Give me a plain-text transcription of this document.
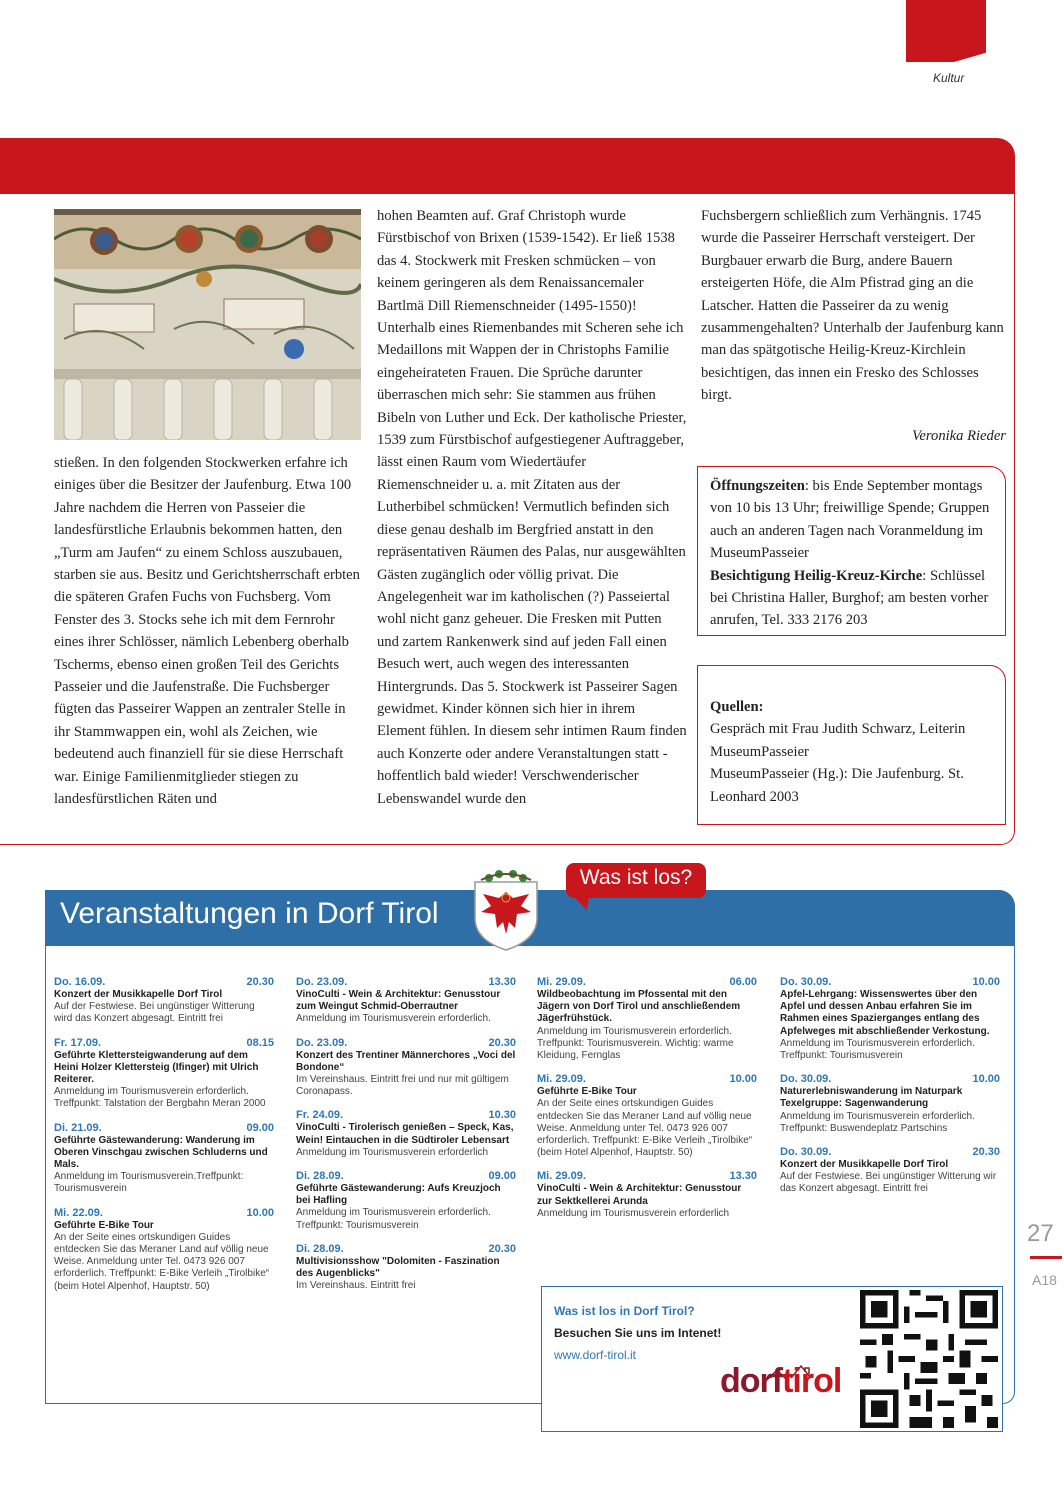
Kultur

stießen. In den folgenden Stockwerken erfahre ich einiges über die Besitzer der Jaufenburg. Etwa 100 Jahre nachdem die Herren von Passeier die landesfürstliche Erlaubnis bekommen hatten, den „Turm am Jaufen“ zu einem Schloss auszubauen, starben sie aus. Besitz und Gerichtsherrschaft erbten die späteren Grafen Fuchs von Fuchsberg. Vom Fenster des 3. Stocks sehe ich mit dem Fernrohr eines ihrer Schlösser, nämlich Lebenberg oberhalb Tscherms, ebenso einen großen Teil des Gerichts Passeier und die Jaufenstraße. Die Fuchsberger fügten das Passeirer Wappen an zentraler Stelle in ihr Stammwappen ein, wohl als Zeichen, wie bedeutend auch finanziell für sie diese Herrschaft war. Einige Familienmitglieder stiegen zu landesfürstlichen Räten und

hohen Beamten auf. Graf Christoph wurde Fürstbischof von Brixen (1539-1542). Er ließ 1538 das 4. Stockwerk mit Fresken schmücken – von keinem geringeren als dem Renaissancemaler Bartlmä Dill Riemenschneider (1495-1550)! Unterhalb eines Riemenbandes mit Scheren sehe ich Medaillons mit Wappen der in Christophs Familie eingeheirateten Frauen. Die Sprüche darunter überraschen mich sehr: Sie stammen aus frühen Bibeln von Luther und Eck. Der katholische Priester, 1539 zum Fürstbischof aufgestiegener Auftraggeber, lässt einen Raum vom Wiedertäufer Riemenschneider u. a. mit Zitaten aus der Lutherbibel schmücken! Vermutlich befinden sich diese genau deshalb im Bergfried anstatt in den repräsentativen Räumen des Palas, nur ausgewählten Gästen zugänglich oder völlig privat. Die Angelegenheit war im katholischen (?) Passeiertal wohl nicht ganz geheuer. Die Fresken mit Putten und zartem Rankenwerk sind auf jeden Fall einen Besuch wert, auch wegen des interessanten Hintergrunds. Das 5. Stockwerk ist Passeirer Sagen gewidmet. Kinder können sich hier in ihrem Element fühlen. In diesem sehr intimen Raum finden auch Konzerte oder andere Veranstaltungen statt - hoffentlich bald wieder! Verschwenderischer Lebenswandel wurde den

Fuchsbergern schließlich zum Verhängnis. 1745 wurde die Passeirer Herrschaft versteigert. Der Burgbauer erwarb die Burg, andere Bauern ersteigerten Höfe, die Alm Pfistrad ging an die Latscher. Hatten die Passeirer da zu wenig zusammengehalten? Unterhalb der Jaufenburg kann man das spätgotische Heilig-Kreuz-Kirchlein besichtigen, das innen ein Fresko des Schlosses birgt.

Veronika Rieder

Öffnungszeiten: bis Ende September montags von 10 bis 13 Uhr; freiwillige Spende; Gruppen auch an anderen Tagen nach Voranmeldung im MuseumPasseier
Besichtigung Heilig-Kreuz-Kirche: Schlüssel bei Christina Haller, Burghof; am besten vorher anrufen, Tel. 333 2176 203
Quellen:
Gespräch mit Frau Judith Schwarz, Leiterin MuseumPasseier
MuseumPasseier (Hg.): Die Jaufenburg. St. Leonhard 2003
Veranstaltungen in Dorf Tirol
Was ist los?
Do. 16.09.	20.30
Konzert der Musikkapelle Dorf Tirol
Auf der Festwiese. Bei ungünstiger Witterung wird das Konzert abgesagt. Eintritt frei
Fr. 17.09.	08.15
Geführte Klettersteigwanderung auf dem Heini Holzer Klettersteig (Ifinger) mit Ulrich Reiterer.
Anmeldung im Tourismusverein erforderlich. Treffpunkt: Talstation der Bergbahn Meran 2000
Di. 21.09.	09.00
Geführte Gästewanderung: Wanderung im Oberen Vinschgau zwischen Schluderns und Mals.
Anmeldung im Tourismusverein.Treffpunkt: Tourismusverein
Mi. 22.09.	10.00
Geführte E-Bike Tour
An der Seite eines ortskundigen Guides entdecken Sie das Meraner Land auf völlig neue Weise. Anmeldung unter Tel. 0473 926 007 erforderlich. Treffpunkt: E-Bike Verleih „Tirolbike“ (beim Hotel Alpenhof, Hauptstr. 50)
Do. 23.09.	13.30
VinoCulti - Wein & Architektur: Genusstour zum Weingut Schmid-Oberrautner
Anmeldung im Tourismusverein erforderlich.
Do. 23.09.	20.30
Konzert des Trentiner Männerchores „Voci del Bondone“
Im Vereinshaus. Eintritt frei und nur mit gültigem Coronapass.
Fr. 24.09.	10.30
VinoCulti - Tirolerisch genießen – Speck, Kas, Wein! Eintauchen in die Südtiroler Lebensart
Anmeldung im Tourismusverein erforderlich
Di. 28.09.	09.00
Geführte Gästewanderung: Aufs Kreuzjoch bei Hafling
Anmeldung im Tourismusverein erforderlich. Treffpunkt: Tourismusverein
Di. 28.09.	20.30
Multivisionsshow "Dolomiten - Faszination des Augenblicks"
Im Vereinshaus. Eintritt frei
Mi. 29.09.	06.00
Wildbeobachtung im Pfossental mit den Jägern von Dorf Tirol und anschließendem Jägerfrühstück.
Anmeldung im Tourismusverein erforderlich. Treffpunkt: Tourismusverein. Wichtig: warme Kleidung, Fernglas
Mi. 29.09.	10.00
Geführte E-Bike Tour
An der Seite eines ortskundigen Guides entdecken Sie das Meraner Land auf völlig neue Weise. Anmeldung unter Tel. 0473 926 007 erforderlich. Treffpunkt: E-Bike Verleih „Tirolbike“ (beim Hotel Alpenhof, Hauptstr. 50)
Mi. 29.09.	13.30
VinoCulti - Wein & Architektur: Genusstour zur Sektkellerei Arunda
Anmeldung im Tourismusverein erforderlich
Do. 30.09.	10.00
Apfel-Lehrgang: Wissenswertes über den Apfel und dessen Anbau erfahren Sie im Rahmen eines Spazierganges entlang des Apfelweges mit abschließender Verkostung.
Anmeldung im Tourismusverein erforderlich. Treffpunkt: Tourismusverein
Do. 30.09.	10.00
Naturerlebniswanderung im Naturpark Texelgruppe: Sagenwanderung
Anmeldung im Tourismusverein erforderlich. Treffpunkt: Buswendeplatz Partschins
Do. 30.09.	20.30
Konzert der Musikkapelle Dorf Tirol
Auf der Festwiese. Bei ungünstiger Witterung wir das Konzert abgesagt. Eintritt frei
Was ist los in Dorf Tirol?
Besuchen Sie uns im Intenet!
www.dorf-tirol.it
dorftirol
27
A18
